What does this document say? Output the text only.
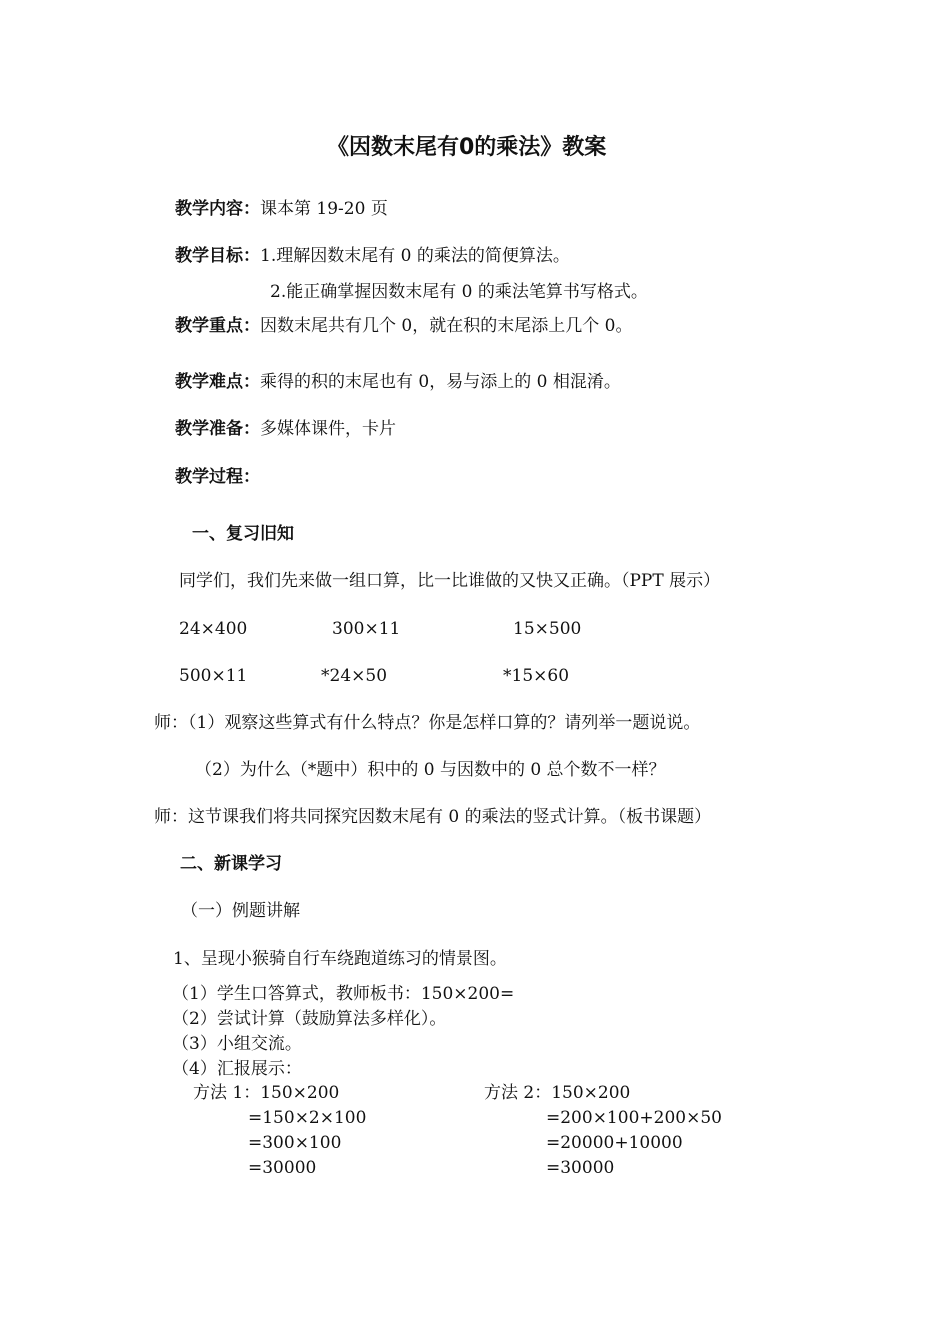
《因数末尾有0的乘法》教案
教学内容：课本第 19-20 页
教学目标：1.理解因数末尾有 0 的乘法的简便算法。
2.能正确掌握因数末尾有 0 的乘法笔算书写格式。
教学重点：因数末尾共有几个 0，就在积的末尾添上几个 0。
教学难点：乘得的积的末尾也有 0，易与添上的 0 相混淆。
教学准备：多媒体课件，卡片
教学过程：
一、复习旧知
同学们，我们先来做一组口算，比一比谁做的又快又正确。（PPT 展示）
24×400	300×11	15×500
500×11	*24×50	*15×60
师：（1）观察这些算式有什么特点？你是怎样口算的？请列举一题说说。
（2）为什么（*题中）积中的 0 与因数中的 0 总个数不一样？
师：这节课我们将共同探究因数末尾有 0 的乘法的竖式计算。（板书课题）
二、新课学习
（一）例题讲解
1、呈现小猴骑自行车绕跑道练习的情景图。
（1）学生口答算式，教师板书：150×200=
（2）尝试计算（鼓励算法多样化）。
（3）小组交流。
（4）汇报展示：
方法 1：150×200
=150×2×100
=300×100
=30000
方法 2：150×200
=200×100+200×50
=20000+10000
=30000
